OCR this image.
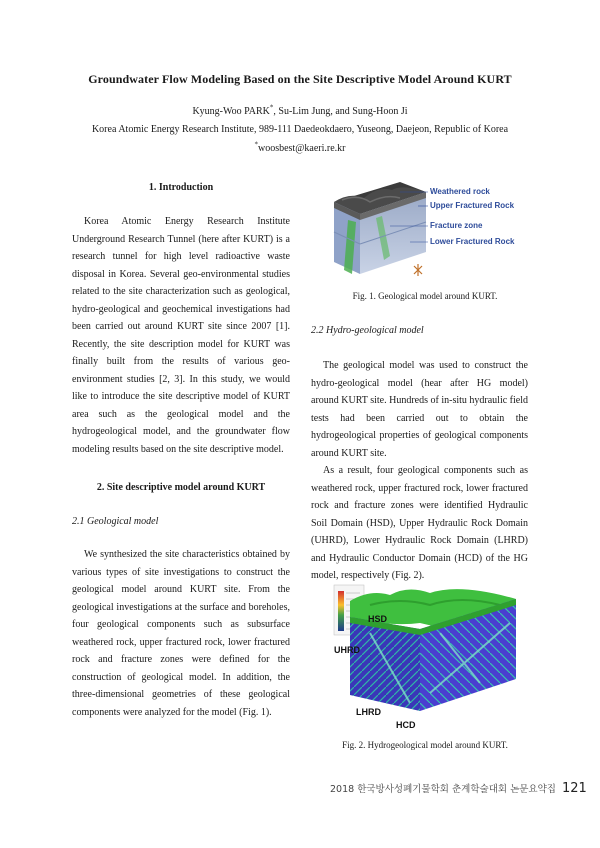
Groundwater Flow Modeling Based on the Site Descriptive Model Around KURT
Kyung-Woo PARK*, Su-Lim Jung, and Sung-Hoon Ji
Korea Atomic Energy Research Institute, 989-111 Daedeokdaero, Yuseong, Daejeon, Republic of Korea
*woosbest@kaeri.re.kr
1. Introduction

Korea Atomic Energy Research Institute Underground Research Tunnel (here after KURT) is a research tunnel for high level radioactive waste disposal in Korea. Several geo-environmental studies related to the site characterization such as geological, hydro-geological and geochemical investigations had been carried out around KURT site since 2007 [1]. Recently, the site description model for KURT was finally built from the results of various geo-environment studies [2, 3]. In this study, we would like to introduce the site descriptive model of KURT area such as the geological model and the hydrogeological model, and the groundwater flow modeling results based on the site descriptive model.

2. Site descriptive model around KURT
2.1 Geological model

We synthesized the site characteristics obtained by various types of site investigations to construct the geological model around KURT site. From the geological investigations at the surface and boreholes, four geological components such as subsurface weathered rock, upper fractured rock, lower fractured rock and fracture zones were defined for the construction of geological model. In addition, the three-dimensional geometries of these geological components were analyzed for the model (Fig. 1).

Weathered rock
Upper Fractured Rock
Fracture zone
Lower Fractured Rock
Fig. 1. Geological model around KURT.
2.2 Hydro-geological model

The geological model was used to construct the hydro-geological model (hear after HG model) around KURT site. Hundreds of in-situ hydraulic field tests had been carried out to obtain the hydrogeological properties of geological components around KURT site.

As a result, four geological components such as weathered rock, upper fractured rock, lower fractured rock and fracture zones were identified Hydraulic Soil Domain (HSD), Upper Hydraulic Rock Domain (UHRD), Lower Hydraulic Rock Domain (LHRD) and Hydraulic Conductor Domain (HCD) of the HG model, respectively (Fig. 2).

HSD
UHRD
LHRD
HCD
Fig. 2. Hydrogeological model around KURT.
2018 한국방사성폐기물학회 춘계학술대회 논문요약집 121
